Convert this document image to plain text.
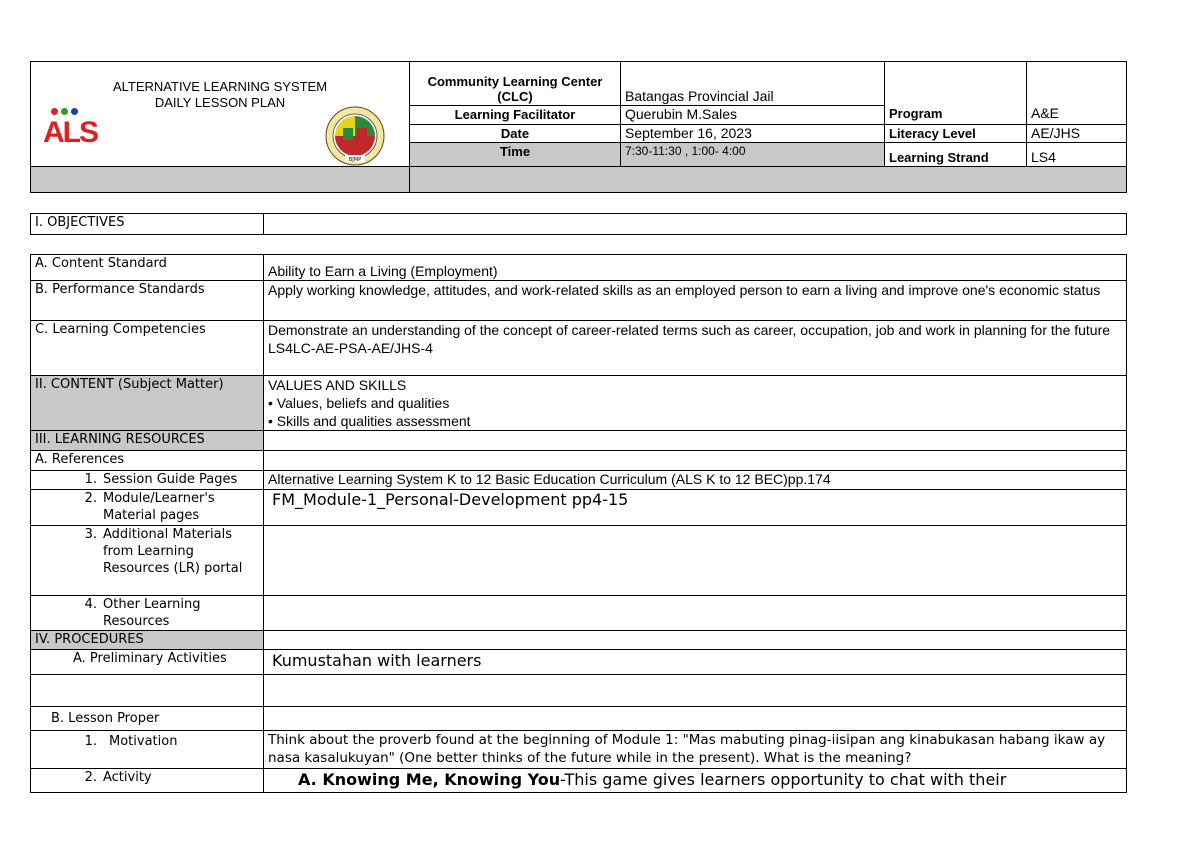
ALTERNATIVE LEARNING SYSTEM
DAILY LESSON PLAN
ALS
BJMP	Community Learning Center (CLC)	Batangas Provincial Jail	Program	A&E
	Learning Facilitator	Querubin M.Sales		
	Date	September 16, 2023	Literacy Level	AE/JHS
	Time	7:30-11:30 , 1:00- 4:00	Learning Strand	LS4

I. OBJECTIVES	
A. Content Standard	Ability to Earn a Living (Employment)
B. Performance Standards	Apply working knowledge, attitudes, and work-related skills as an employed person to earn a living and improve one's economic status
C. Learning Competencies	Demonstrate an understanding of the concept of career-related terms such as career, occupation, job and work in planning for the future
LS4LC-AE-PSA-AE/JHS-4

II. CONTENT (Subject Matter)	VALUES AND SKILLS
• Values, beliefs and qualities
• Skills and qualities assessment

III. LEARNING RESOURCES	
A. References	

1. Session Guide Pages	Alternative Learning System K to 12 Basic Education Curriculum (ALS K to 12 BEC)pp.174

2. Module/Learner's Material pages	FM_Module-1_Personal-Development pp4-15

3. Additional Materials from Learning Resources (LR) portal	

4. Other Learning Resources	

IV. PROCEDURES	
A. Preliminary Activities	Kumustahan with learners

B. Lesson Proper	

1. Motivation	Think about the proverb found at the beginning of Module 1: "Mas mabuting pinag-iisipan ang kinabukasan habang ikaw ay nasa kasalukuyan" (One better thinks of the future while in the present). What is the meaning?

2. Activity	A. Knowing Me, Knowing You-This game gives learners opportunity to chat with their
